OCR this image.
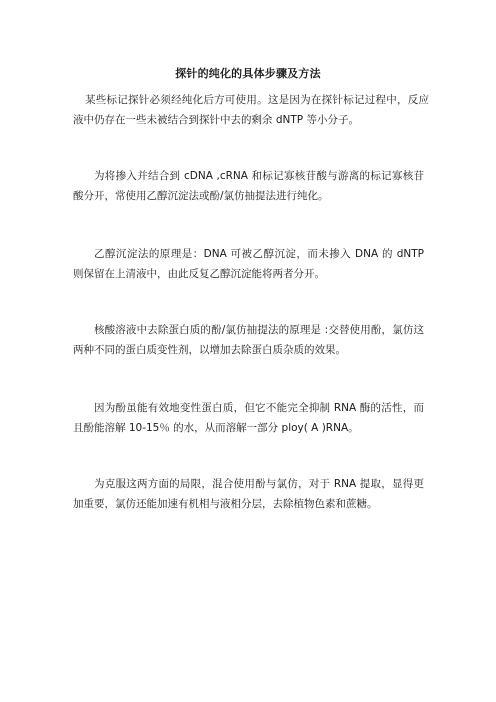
探针的纯化的具体步骤及方法

某些标记探针必须经纯化后方可使用。这是因为在探针标记过程中，反应液中仍存在一些未被结合到探针中去的剩余 dNTP 等小分子。

为将掺入并结合到 cDNA ,cRNA 和标记寡核苷酸与游离的标记寡核苷酸分开，常使用乙醇沉淀法或酚/氯仿抽提法进行纯化。

乙醇沉淀法的原理是：DNA 可被乙醇沉淀，而未掺入 DNA 的 dNTP 则保留在上清液中，由此反复乙醇沉淀能将两者分开。

核酸溶液中去除蛋白质的酚/氯仿抽提法的原理是 :交替使用酚，氯仿这两种不同的蛋白质变性剂，以增加去除蛋白质杂质的效果。

因为酚虽能有效地变性蛋白质，但它不能完全抑制 RNA 酶的活性，而且酚能溶解 10-15％ 的水，从而溶解一部分 ploy( A )RNA。

为克服这两方面的局限，混合使用酚与氯仿，对于 RNA 提取，显得更加重要，氯仿还能加速有机相与液相分层，去除植物色素和蔗糖。
